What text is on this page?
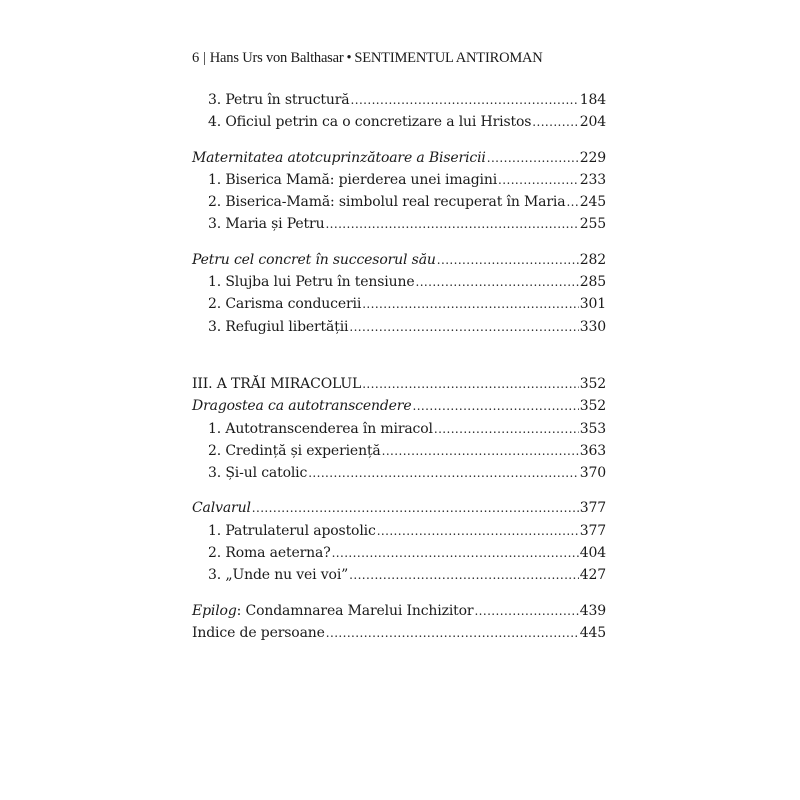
6 | Hans Urs von Balthasar • SENTIMENTUL ANTIROMAN
3. Petru în structură .....	184
4. Oficiul petrin ca o concretizare a lui Hristos .....	204
Maternitatea atotcuprinzătoare a Bisericii .....	229
1. Biserica Mamă: pierderea unei imagini .....	233
2. Biserica-Mamă: simbolul real recuperat în Maria ..... 245
3. Maria și Petru .....	255
Petru cel concret în succesorul său .....	282
1. Slujba lui Petru în tensiune .....	285
2. Carisma conducerii .....	301
3. Refugiul libertății .....	330
III. A TRĂI MIRACOLUL .....	352
Dragostea ca autotranscendere .....	352
1. Autotranscenderea în miracol .....	353
2. Credință și experiență .....	363
3. Și-ul catolic .....	370
Calvarul .....	377
1. Patrulaterul apostolic .....	377
2. Roma aeterna? .....	404
3. „Unde nu vei voi” .....	427
Epilog: Condamnarea Marelui Inchizitor .....	439
Indice de persoane .....	445
